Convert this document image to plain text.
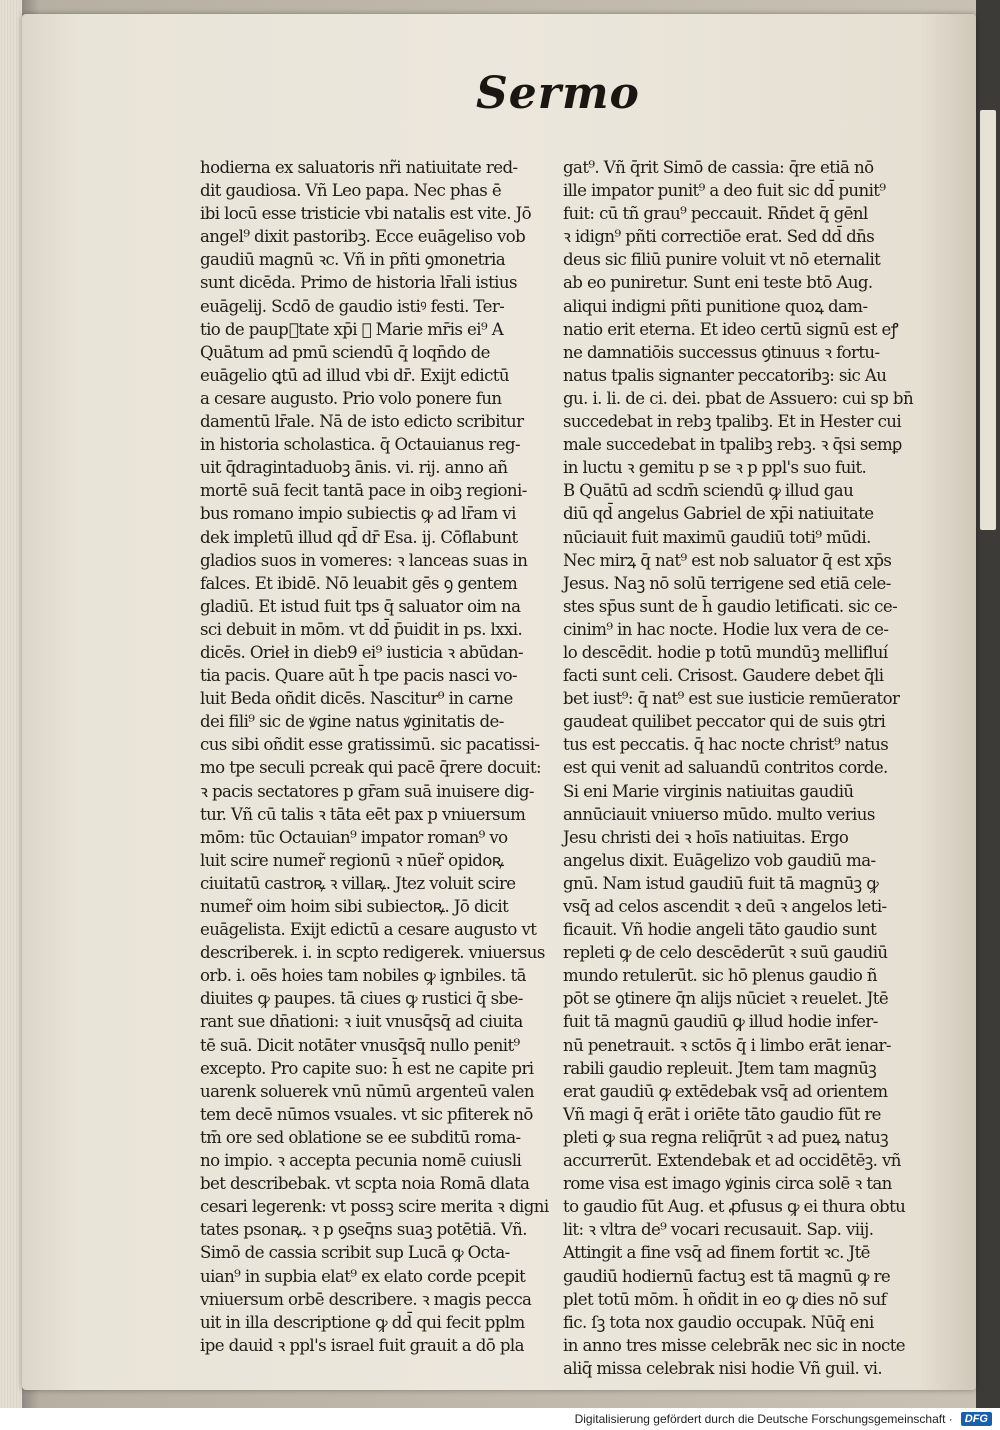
Sermo
hodierna ex saluatoris nr̃i natiuitate red-
dit gaudiosa. Vñ Leo papa. Nec phas ē
ibi locū esse tristicie vbi natalis est vite. Jō
angel⁹ dixit pastoribꝫ. Ecce euāgeliso vob
gaudiū magnū ꝛc. Vñ in pñti ꝯmonetria
sunt dicēda. Primo de historia lr̄ali istius
euāgelij. Scdō de gaudio istiꝰ festi. Ter-
tio de paupᷓtate xp̄i ꝛ Marie mr̄is ei⁹ A
Quātum ad pmū sciendū q̄ loqn̄do de
euāgelio ꝗtū ad illud vbi dr̄. Exijt edictū
a cesare augusto. Prio volo ponere fun
damentū lr̄ale. Nā de isto edicto scribitur
in historia scholastica. q̄ Octauianus reg-
uit q̄dragintaduobꝫ ānis. vi. rij. anno añ
mortē suā fecit tantā pace in oibꝫ regioni-
bus romano impio subiectis ꝙ ad lr̄am vi
dek impletū illud qd̄ dr̄ Esa. ij. Cōflabunt
gladios suos in vomeres: ꝛ lanceas suas in
falces. Et ibidē. Nō leuabit gēs ꝯ gentem
gladiū. Et istud fuit tps q̄ saluator oim na
sci debuit in mōm. vt dd̄ p̄uidit in ps. lxxi.
dicēs. Orieł in dieb9 ei⁹ iusticia ꝛ abūdan-
tia pacis. Quare aūt h̄ tpe pacis nasci vo-
luit Beda oñdit dicēs. Nascitur⁹ in carne
dei fili⁹ sic de ꝟgine natus ꝟginitatis de-
cus sibi oñdit esse gratissimū. sic pacatissi-
mo tpe seculi pcreak qui pacē q̄rere docuit:
ꝛ pacis sectatores p gr̄am suā inuisere dig-
tur. Vñ cū talis ꝛ tāta eēt pax p vniuersum
mōm: tūc Octauian⁹ impator roman⁹ vo
luit scire numer̃ regionū ꝛ nūer̃ opidoꝶ
ciuitatū castroꝶ ꝛ villaꝶ. Jtez voluit scire
numer̃ oim hoim sibi subiectoꝶ. Jō dicit
euāgelista. Exijt edictū a cesare augusto vt
describerek. i. in scpto redigerek. vniuersus
orb. i. oēs hoies tam nobiles ꝙ ignbiles. tā
diuites ꝙ paupes. tā ciues ꝙ rustici q̄ sbe-
rant sue dn̄ationi: ꝛ iuit vnusq̄sq̄ ad ciuita
tē suā. Dicit notāter vnusq̄sq̄ nullo penit⁹
excepto. Pro capite suo: h̄ est ne capite pri
uarenk soluerek vnū nūmū argenteū valen
tem decē nūmos vsuales. vt sic pfiterek nō
tm̄ ore sed oblatione se ee subditū roma-
no impio. ꝛ accepta pecunia nomē cuiusli
bet describebak. vt scpta noia Romā dlata
cesari legerenk: vt possꝫ scire merita ꝛ digni
tates psonaꝶ. ꝛ p ꝯseq̄ns suaꝫ potētiā. Vñ.
Simō de cassia scribit sup Lucā ꝙ Octa-
uian⁹ in supbia elat⁹ ex elato corde pcepit
vniuersum orbē describere. ꝛ magis pecca
uit in illa descriptione ꝙ dd̄ qui fecit pplm
ipe dauid ꝛ ppl's israel fuit grauit a dō pla
gat⁹. Vñ q̄rit Simō de cassia: q̄re etiā nō
ille impator punit⁹ a deo fuit sic dd̄ punit⁹
fuit: cū tñ grau⁹ peccauit. Rn̄det q̄ gēnl
ꝛ idign⁹ pñti correctiōe erat. Sed dd̄ dn̄s
deus sic filiū punire voluit vt nō eternalit
ab eo puniretur. Sunt eni teste btō Aug.
aliqui indigni pñti punitione quoꝝ dam-
natio erit eterna. Et ideo certū signū est eꝭ
ne damnatiōis successus ꝯtinuus ꝛ fortu-
natus tpalis signanter peccatoribꝫ: sic Au
gu. i. li. de ci. dei. pbat de Assuero: cui sp bn̄
succedebat in rebꝫ tpalibꝫ. Et in Hester cui
male succedebat in tpalibꝫ rebꝫ. ꝛ q̄si semꝑ
in luctu ꝛ gemitu p se ꝛ p ppl's suo fuit.
B Quātū ad scdm̄ sciendū ꝙ illud gau
diū qd̄ angelus Gabriel de xp̄i natiuitate
nūciauit fuit maximū gaudiū toti⁹ mūdi.
Nec mirꝝ q̄ nat⁹ est nob saluator q̄ est xp̄s
Jesus. Naꝫ nō solū terrigene sed etiā cele-
stes sp̄us sunt de h̄ gaudio letificati. sic ce-
cinim⁹ in hac nocte. Hodie lux vera de ce-
lo descēdit. hodie p totū mundūꝫ mellifluí
facti sunt celi. Crisost. Gaudere debet q̄li
bet iust⁹: q̄ nat⁹ est sue iusticie remūerator
gaudeat quilibet peccator qui de suis ꝯtri
tus est peccatis. q̄ hac nocte christ⁹ natus
est qui venit ad saluandū contritos corde.
Si eni Marie virginis natiuitas gaudiū
annūciauit vniuerso mūdo. multo verius
Jesu christi dei ꝛ hoīs natiuitas. Ergo
angelus dixit. Euāgelizo vob gaudiū ma-
gnū. Nam istud gaudiū fuit tā magnūꝫ ꝙ
vsq̄ ad celos ascendit ꝛ deū ꝛ angelos leti-
ficauit. Vñ hodie angeli tāto gaudio sunt
repleti ꝙ de celo descēderūt ꝛ suū gaudiū
mundo retulerūt. sic hō plenus gaudio ñ
pōt se ꝯtinere q̄n alijs nūciet ꝛ reuelet. Jtē
fuit tā magnū gaudiū ꝙ illud hodie infer-
nū penetrauit. ꝛ sctōs q̄ i limbo erāt ienar-
rabili gaudio repleuit. Jtem tam magnūꝫ
erat gaudiū ꝙ extēdebak vsq̄ ad orientem
Vñ magi q̄ erāt i oriēte tāto gaudio fūt re
pleti ꝙ sua regna reliq̄rūt ꝛ ad pueꝝ natuꝫ
accurrerūt. Extendebak et ad occidētēꝫ. vñ
rome visa est imago ꝟginis circa solē ꝛ tan
to gaudio fūt Aug. et ꝓfusus ꝙ ei thura obtu
lit: ꝛ vltra de⁹ vocari recusauit. Sap. viij.
Attingit a fine vsq̄ ad finem fortit ꝛc. Jtē
gaudiū hodiernū factuꝫ est tā magnū ꝙ re
plet totū mōm. h̄ oñdit in eo ꝙ dies nō suf
fic. ſꝫ tota nox gaudio occupak. Nūq̄ eni
in anno tres misse celebrāk nec sic in nocte
aliq̄ missa celebrak nisi hodie Vñ guil. vi.
Digitalisierung gefördert durch die Deutsche Forschungsgemeinschaft ·	DFG
